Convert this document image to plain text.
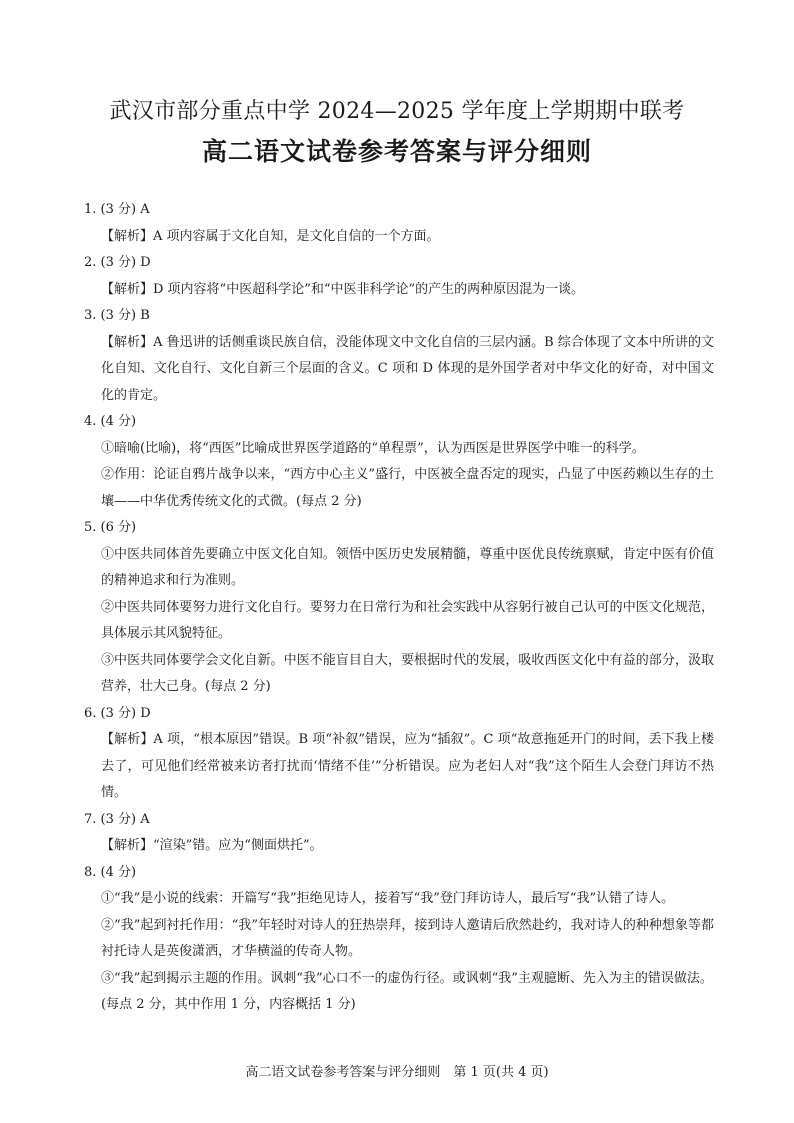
武汉市部分重点中学 2024—2025 学年度上学期期中联考
高二语文试卷参考答案与评分细则

1. (3 分) A

【解析】A 项内容属于文化自知，是文化自信的一个方面。

2. (3 分) D

【解析】D 项内容将“中医超科学论”和“中医非科学论”的产生的两种原因混为一谈。

3. (3 分) B

【解析】A 鲁迅讲的话侧重谈民族自信，没能体现文中文化自信的三层内涵。B 综合体现了文本中所讲的文化自知、文化自行、文化自新三个层面的含义。C 项和 D 体现的是外国学者对中华文化的好奇，对中国文化的肯定。

4. (4 分)

①暗喻(比喻)，将“西医”比喻成世界医学道路的“单程票”，认为西医是世界医学中唯一的科学。

②作用：论证自鸦片战争以来，“西方中心主义”盛行，中医被全盘否定的现实，凸显了中医药赖以生存的土壤——中华优秀传统文化的式微。(每点 2 分)

5. (6 分)

①中医共同体首先要确立中医文化自知。领悟中医历史发展精髓，尊重中医优良传统禀赋，肯定中医有价值的精神追求和行为准则。

②中医共同体要努力进行文化自行。要努力在日常行为和社会实践中从容躬行被自己认可的中医文化规范，具体展示其风貌特征。

③中医共同体要学会文化自新。中医不能盲目自大，要根据时代的发展，吸收西医文化中有益的部分，汲取营养，壮大己身。(每点 2 分)

6. (3 分) D

【解析】A 项，“根本原因”错误。B 项“补叙”错误，应为“插叙”。C 项“故意拖延开门的时间，丢下我上楼去了，可见他们经常被来访者打扰而‘情绪不佳’”分析错误。应为老妇人对“我”这个陌生人会登门拜访不热情。

7. (3 分) A

【解析】“渲染”错。应为“侧面烘托”。

8. (4 分)

①“我”是小说的线索：开篇写“我”拒绝见诗人，接着写“我”登门拜访诗人，最后写“我”认错了诗人。

②“我”起到衬托作用：“我”年轻时对诗人的狂热崇拜，接到诗人邀请后欣然赴约，我对诗人的种种想象等都衬托诗人是英俊潇洒，才华横溢的传奇人物。

③“我”起到揭示主题的作用。讽刺“我”心口不一的虚伪行径。或讽刺“我”主观臆断、先入为主的错误做法。

(每点 2 分，其中作用 1 分，内容概括 1 分)

高二语文试卷参考答案与评分细则　第 1 页(共 4 页)
